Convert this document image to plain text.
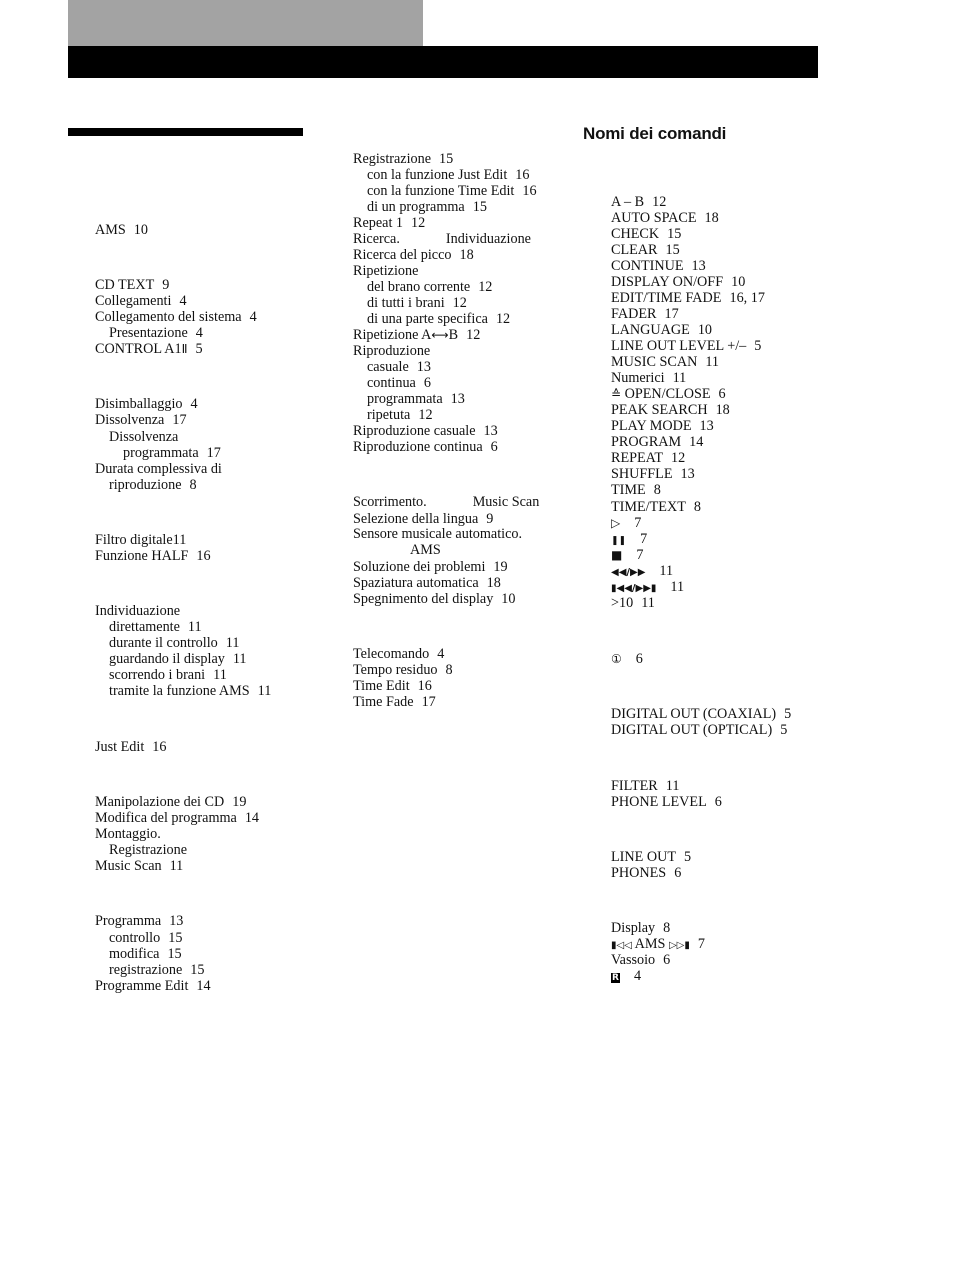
Nomi dei comandi
AMS 10
CD TEXT 9
Collegamenti 4
Collegamento del sistema 4
Presentazione 4
CONTROL A1Ⅱ 5
Disimballaggio 4
Dissolvenza 17
Dissolvenza
programmata 17
Durata complessiva di
riproduzione 8
Filtro digitale11
Funzione HALF 16
Individuazione
direttamente 11
durante il controllo 11
guardando il display 11
scorrendo i brani 11
tramite la funzione AMS 11
Just Edit 16
Manipolazione dei CD 19
Modifica del programma 14
Montaggio.
Registrazione
Music Scan 11
Programma 13
controllo 15
modifica 15
registrazione 15
Programme Edit 14
Registrazione 15
con la funzione Just Edit 16
con la funzione Time Edit 16
di un programma 15
Repeat 1 12
Ricerca.	Individuazione
Ricerca del picco 18
Ripetizione
del brano corrente 12
di tutti i brani 12
di una parte specifica 12
Ripetizione A⟷B 12
Riproduzione
casuale 13
continua 6
programmata 13
ripetuta 12
Riproduzione casuale 13
Riproduzione continua 6
Scorrimento.	Music Scan
Selezione della lingua 9
Sensore musicale automatico.
AMS
Soluzione dei problemi 19
Spaziatura automatica 18
Spegnimento del display 10
Telecomando 4
Tempo residuo 8
Time Edit 16
Time Fade 17
A – B 12
AUTO SPACE 18
CHECK 15
CLEAR 15
CONTINUE 13
DISPLAY ON/OFF 10
EDIT/TIME FADE 16, 17
FADER 17
LANGUAGE 10
LINE OUT LEVEL +/– 5
MUSIC SCAN 11
Numerici 11
≙ OPEN/CLOSE 6
PEAK SEARCH 18
PLAY MODE 13
PROGRAM 14
REPEAT 12
SHUFFLE 13
TIME 8
TIME/TEXT 8
▷ 7
❚❚ 7
■ 7
◀◀/▶▶ 11
▮◀◀/▶▶▮ 11
>10 11
① 6
DIGITAL OUT (COAXIAL) 5
DIGITAL OUT (OPTICAL) 5
FILTER 11
PHONE LEVEL 6
LINE OUT 5
PHONES 6
Display 8
▮◁◁ AMS ▷▷▮ 7
Vassoio 6
R 4
